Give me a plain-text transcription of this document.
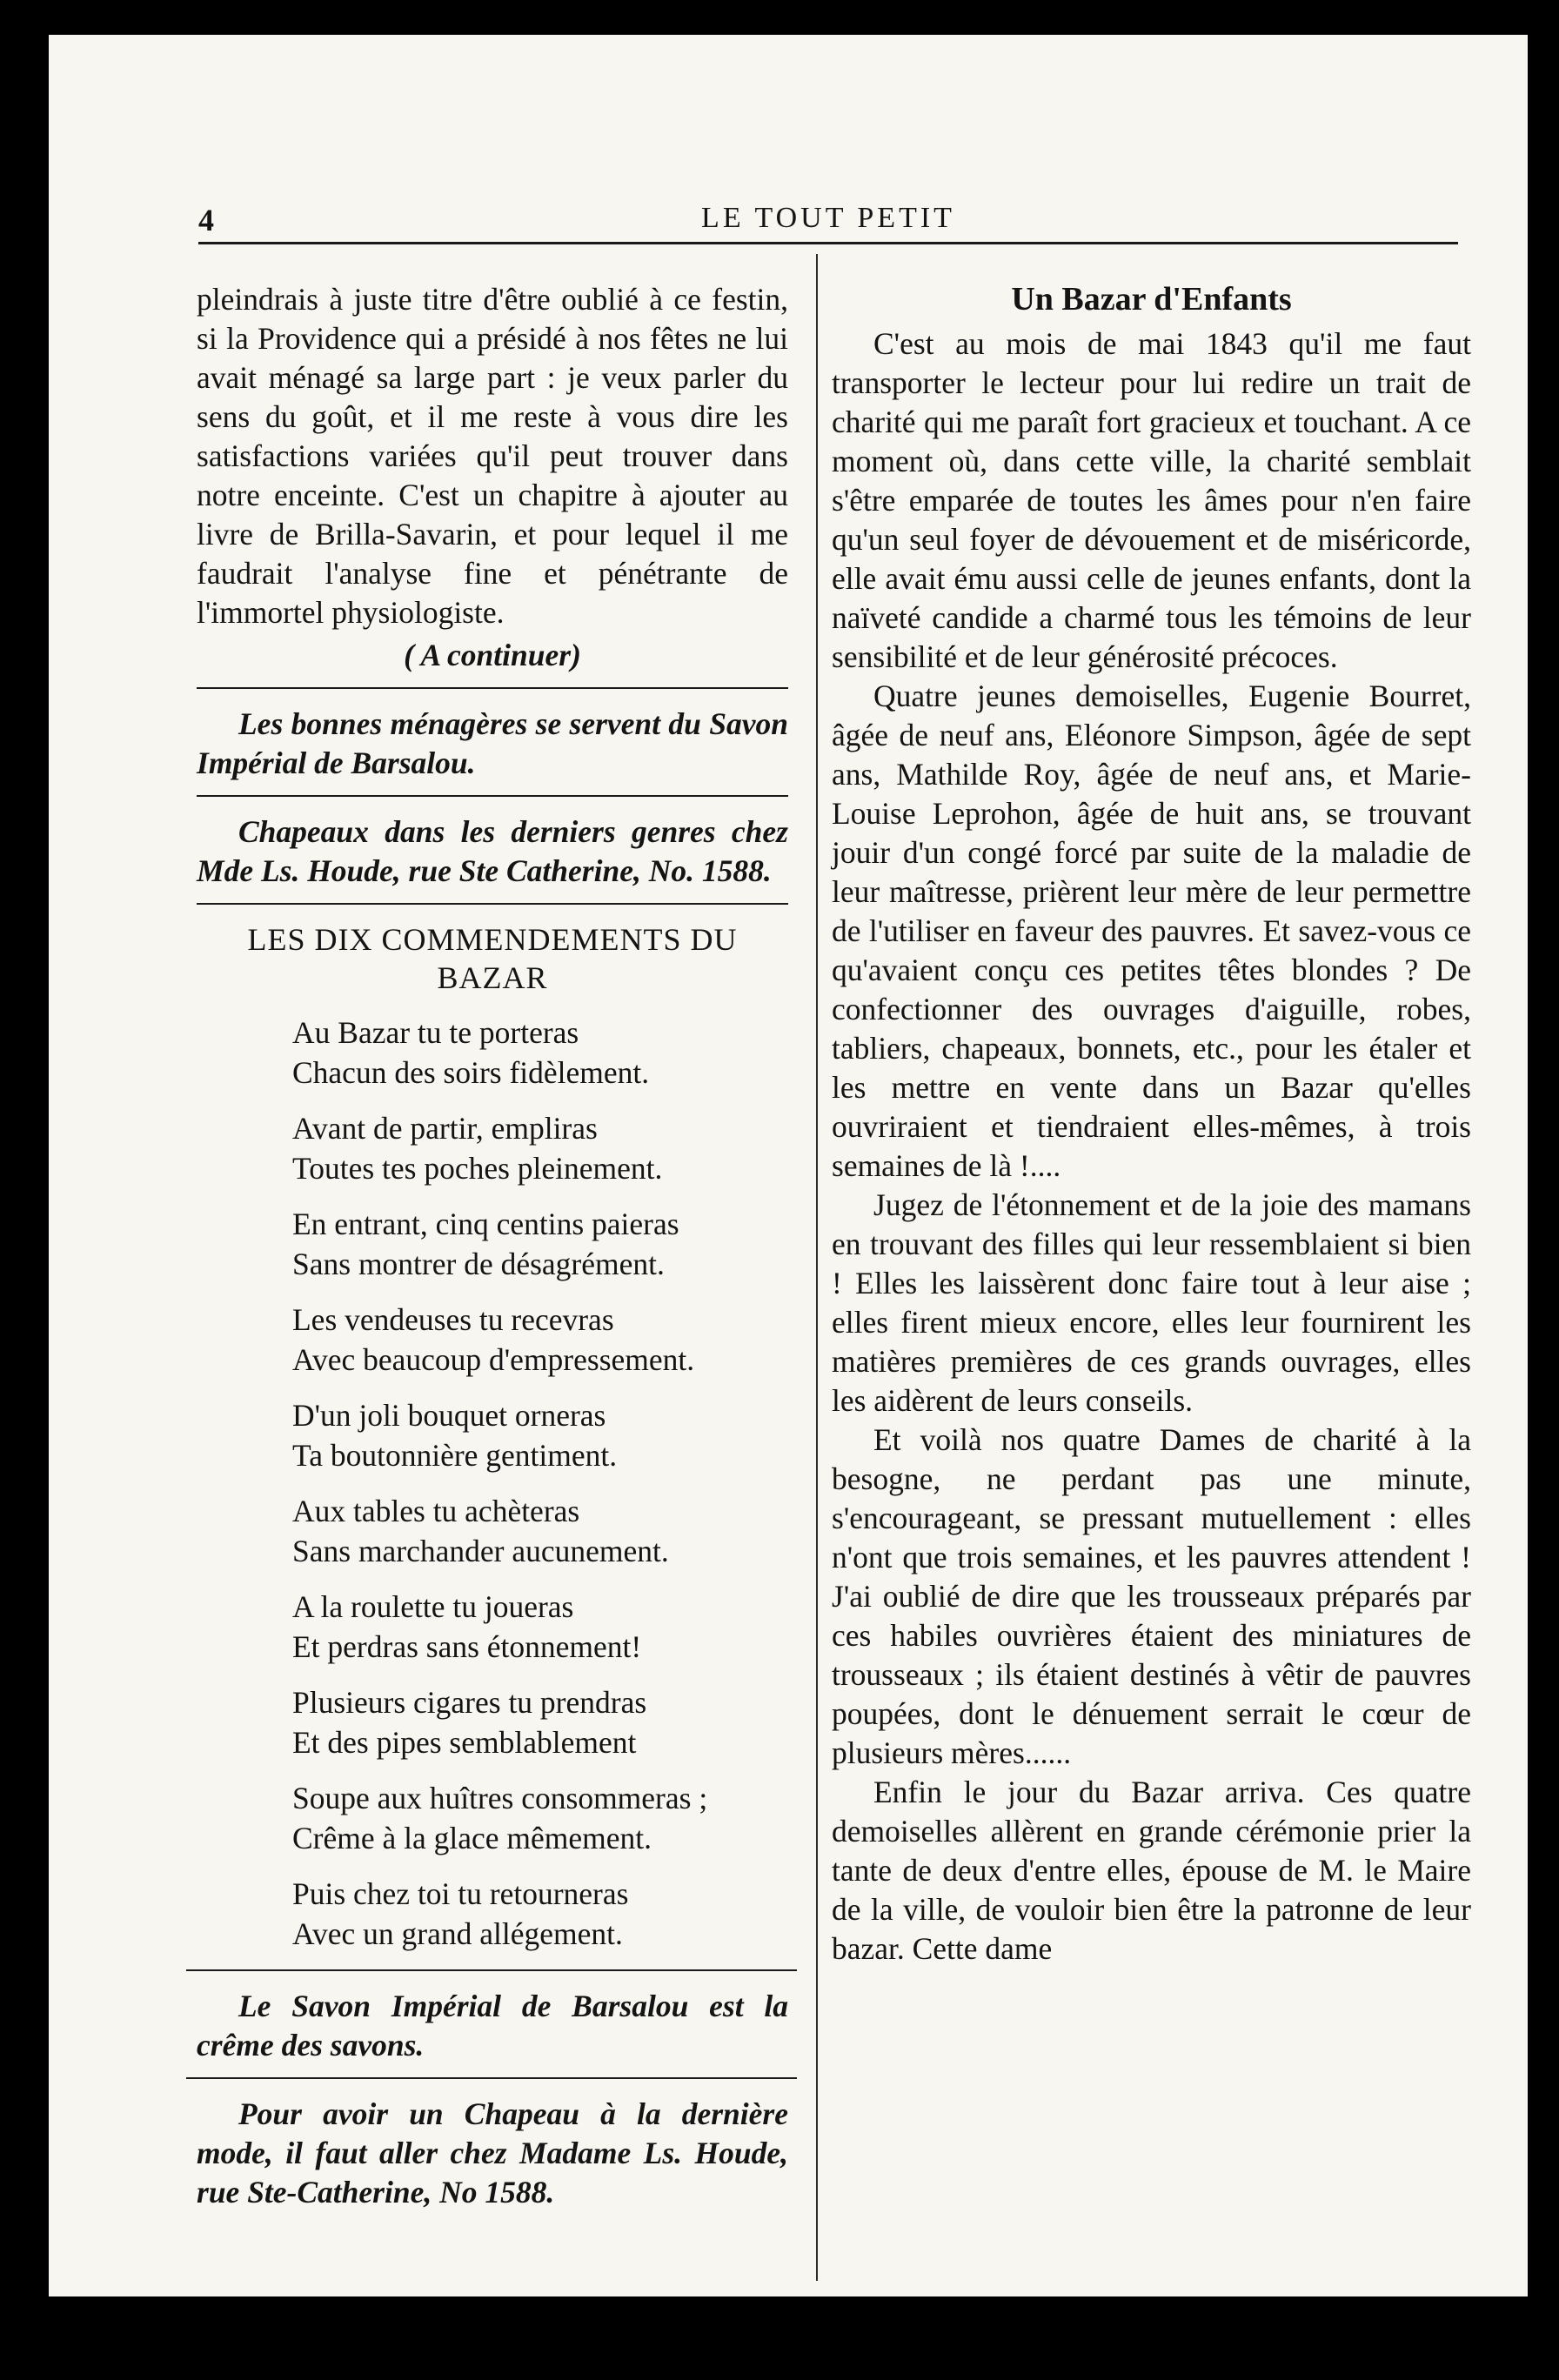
4	LE TOUT PETIT

pleindrais à juste titre d'être oublié à ce festin, si la Providence qui a présidé à nos fêtes ne lui avait ménagé sa large part : je veux parler du sens du goût, et il me reste à vous dire les satisfactions variées qu'il peut trouver dans notre enceinte. C'est un chapitre à ajouter au livre de Brilla-Savarin, et pour lequel il me faudrait l'analyse fine et pénétrante de l'immortel physiologiste.

( A continuer)

Les bonnes ménagères se servent du Savon Impérial de Barsalou.

Chapeaux dans les derniers genres chez Mde Ls. Houde, rue Ste Catherine, No. 1588.

LES DIX COMMENDEMENTS DU BAZAR
Au Bazar tu te porteras
Chacun des soirs fidèlement.
Avant de partir, empliras
Toutes tes poches pleinement.
En entrant, cinq centins paieras
Sans montrer de désagrément.
Les vendeuses tu recevras
Avec beaucoup d'empressement.
D'un joli bouquet orneras
Ta boutonnière gentiment.
Aux tables tu achèteras
Sans marchander aucunement.
A la roulette tu joueras
Et perdras sans étonnement!
Plusieurs cigares tu prendras
Et des pipes semblablement
Soupe aux huîtres consommeras ;
Crême à la glace mêmement.
Puis chez toi tu retourneras
Avec un grand allégement.

Le Savon Impérial de Barsalou est la crême des savons.

Pour avoir un Chapeau à la dernière mode, il faut aller chez Madame Ls. Houde, rue Ste-Catherine, No 1588.

Un Bazar d'Enfants

C'est au mois de mai 1843 qu'il me faut transporter le lecteur pour lui redire un trait de charité qui me paraît fort gracieux et touchant. A ce moment où, dans cette ville, la charité semblait s'être emparée de toutes les âmes pour n'en faire qu'un seul foyer de dévouement et de miséricorde, elle avait ému aussi celle de jeunes enfants, dont la naïveté candide a charmé tous les témoins de leur sensibilité et de leur générosité précoces.

Quatre jeunes demoiselles, Eugenie Bourret, âgée de neuf ans, Eléonore Simpson, âgée de sept ans, Mathilde Roy, âgée de neuf ans, et Marie-Louise Leprohon, âgée de huit ans, se trouvant jouir d'un congé forcé par suite de la maladie de leur maîtresse, prièrent leur mère de leur permettre de l'utiliser en faveur des pauvres. Et savez-vous ce qu'avaient conçu ces petites têtes blondes ? De confectionner des ouvrages d'aiguille, robes, tabliers, chapeaux, bonnets, etc., pour les étaler et les mettre en vente dans un Bazar qu'elles ouvriraient et tiendraient elles-mêmes, à trois semaines de là !....

Jugez de l'étonnement et de la joie des mamans en trouvant des filles qui leur ressemblaient si bien ! Elles les laissèrent donc faire tout à leur aise ; elles firent mieux encore, elles leur fournirent les matières premières de ces grands ouvrages, elles les aidèrent de leurs conseils.

Et voilà nos quatre Dames de charité à la besogne, ne perdant pas une minute, s'encourageant, se pressant mutuellement : elles n'ont que trois semaines, et les pauvres attendent ! J'ai oublié de dire que les trousseaux préparés par ces habiles ouvrières étaient des miniatures de trousseaux ; ils étaient destinés à vêtir de pauvres poupées, dont le dénuement serrait le cœur de plusieurs mères......

Enfin le jour du Bazar arriva. Ces quatre demoiselles allèrent en grande cérémonie prier la tante de deux d'entre elles, épouse de M. le Maire de la ville, de vouloir bien être la patronne de leur bazar. Cette dame
